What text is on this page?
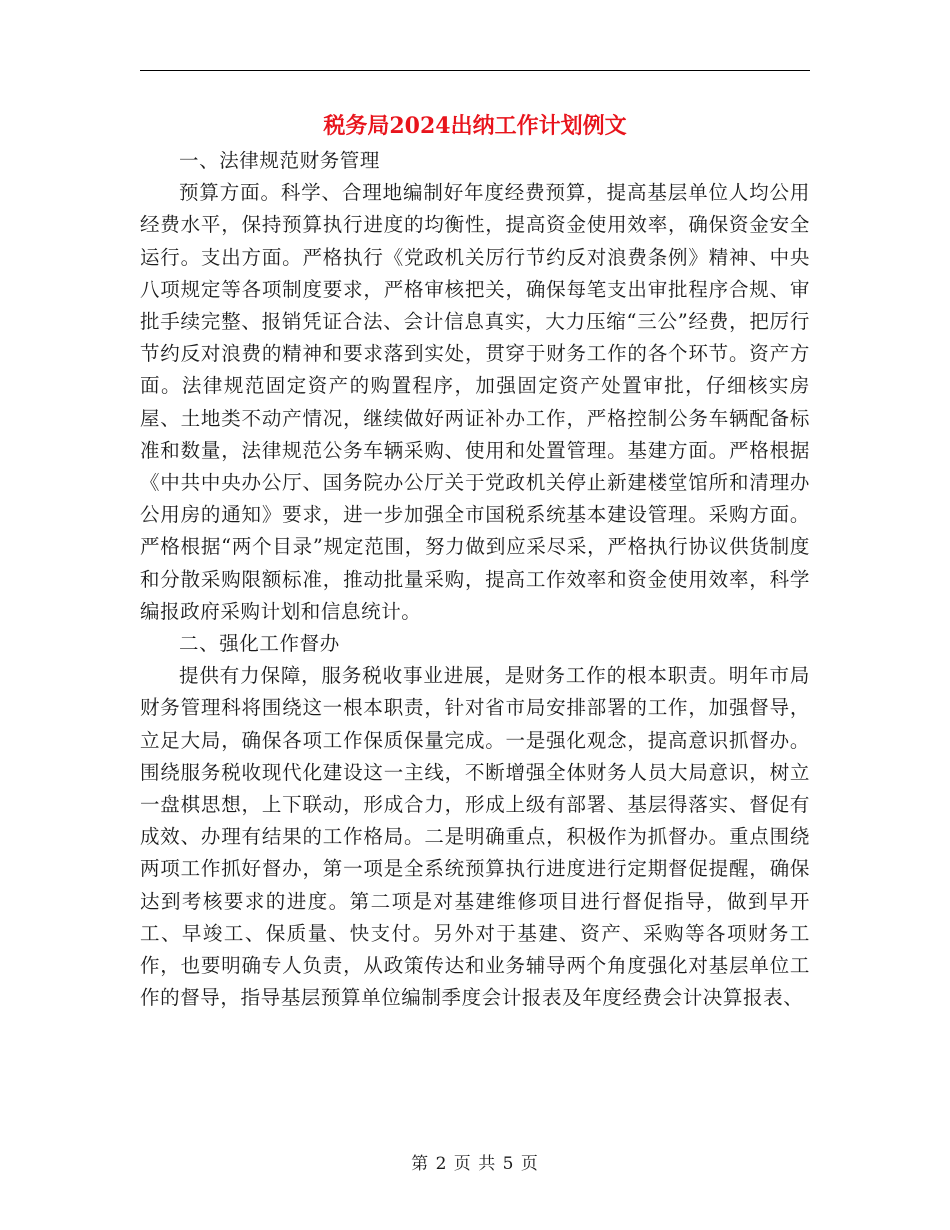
税务局2024出纳工作计划例文

一、法律规范财务管理

预算方面。科学、合理地编制好年度经费预算，提高基层单位人均公用经费水平，保持预算执行进度的均衡性，提高资金使用效率，确保资金安全运行。支出方面。严格执行《党政机关厉行节约反对浪费条例》精神、中央八项规定等各项制度要求，严格审核把关，确保每笔支出审批程序合规、审批手续完整、报销凭证合法、会计信息真实，大力压缩“三公”经费，把厉行节约反对浪费的精神和要求落到实处，贯穿于财务工作的各个环节。资产方面。法律规范固定资产的购置程序，加强固定资产处置审批，仔细核实房屋、土地类不动产情况，继续做好两证补办工作，严格控制公务车辆配备标准和数量，法律规范公务车辆采购、使用和处置管理。基建方面。严格根据《中共中央办公厅、国务院办公厅关于党政机关停止新建楼堂馆所和清理办公用房的通知》要求，进一步加强全市国税系统基本建设管理。采购方面。严格根据“两个目录”规定范围，努力做到应采尽采，严格执行协议供货制度和分散采购限额标准，推动批量采购，提高工作效率和资金使用效率，科学编报政府采购计划和信息统计。

二、强化工作督办

提供有力保障，服务税收事业进展，是财务工作的根本职责。明年市局财务管理科将围绕这一根本职责，针对省市局安排部署的工作，加强督导，立足大局，确保各项工作保质保量完成。一是强化观念，提高意识抓督办。围绕服务税收现代化建设这一主线，不断增强全体财务人员大局意识，树立一盘棋思想，上下联动，形成合力，形成上级有部署、基层得落实、督促有成效、办理有结果的工作格局。二是明确重点，积极作为抓督办。重点围绕两项工作抓好督办，第一项是全系统预算执行进度进行定期督促提醒，确保达到考核要求的进度。第二项是对基建维修项目进行督促指导，做到早开工、早竣工、保质量、快支付。另外对于基建、资产、采购等各项财务工作，也要明确专人负责，从政策传达和业务辅导两个角度强化对基层单位工作的督导，指导基层预算单位编制季度会计报表及年度经费会计决算报表、

第 2 页 共 5 页
